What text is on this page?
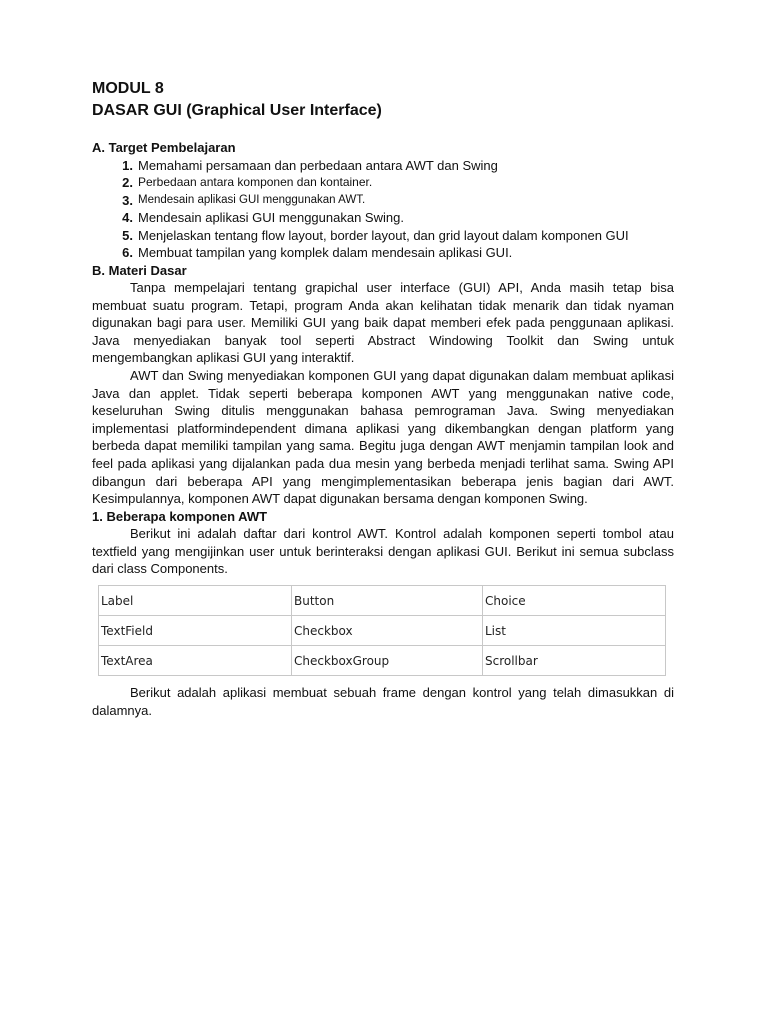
MODUL 8
DASAR GUI (Graphical User Interface)
A. Target Pembelajaran
1. Memahami persamaan dan perbedaan antara AWT dan Swing
2. Perbedaan antara komponen dan kontainer.
3. Mendesain aplikasi GUI menggunakan AWT.
4. Mendesain aplikasi GUI menggunakan Swing.
5. Menjelaskan tentang flow layout, border layout, dan grid layout dalam komponen GUI
6. Membuat tampilan yang komplek dalam mendesain aplikasi GUI.
B. Materi Dasar

Tanpa mempelajari tentang grapichal user interface (GUI) API, Anda masih tetap bisa membuat suatu program. Tetapi, program Anda akan kelihatan tidak menarik dan tidak nyaman digunakan bagi para user. Memiliki GUI yang baik dapat memberi efek pada penggunaan aplikasi. Java menyediakan banyak tool seperti Abstract Windowing Toolkit dan Swing untuk mengembangkan aplikasi GUI yang interaktif.

AWT dan Swing menyediakan komponen GUI yang dapat digunakan dalam membuat aplikasi Java dan applet. Tidak seperti beberapa komponen AWT yang menggunakan native code, keseluruhan Swing ditulis menggunakan bahasa pemrograman Java. Swing menyediakan implementasi platformindependent dimana aplikasi yang dikembangkan dengan platform yang berbeda dapat memiliki tampilan yang sama. Begitu juga dengan AWT menjamin tampilan look and feel pada aplikasi yang dijalankan pada dua mesin yang berbeda menjadi terlihat sama. Swing API dibangun dari beberapa API yang mengimplementasikan beberapa jenis bagian dari AWT. Kesimpulannya, komponen AWT dapat digunakan bersama dengan komponen Swing.

1. Beberapa komponen AWT

Berikut ini adalah daftar dari kontrol AWT. Kontrol adalah komponen seperti tombol atau textfield yang mengijinkan user untuk berinteraksi dengan aplikasi GUI. Berikut ini semua subclass dari class Components.

Label	Button	Choice
TextField	Checkbox	List
TextArea	CheckboxGroup	Scrollbar

Berikut adalah aplikasi membuat sebuah frame dengan kontrol yang telah dimasukkan di dalamnya.
